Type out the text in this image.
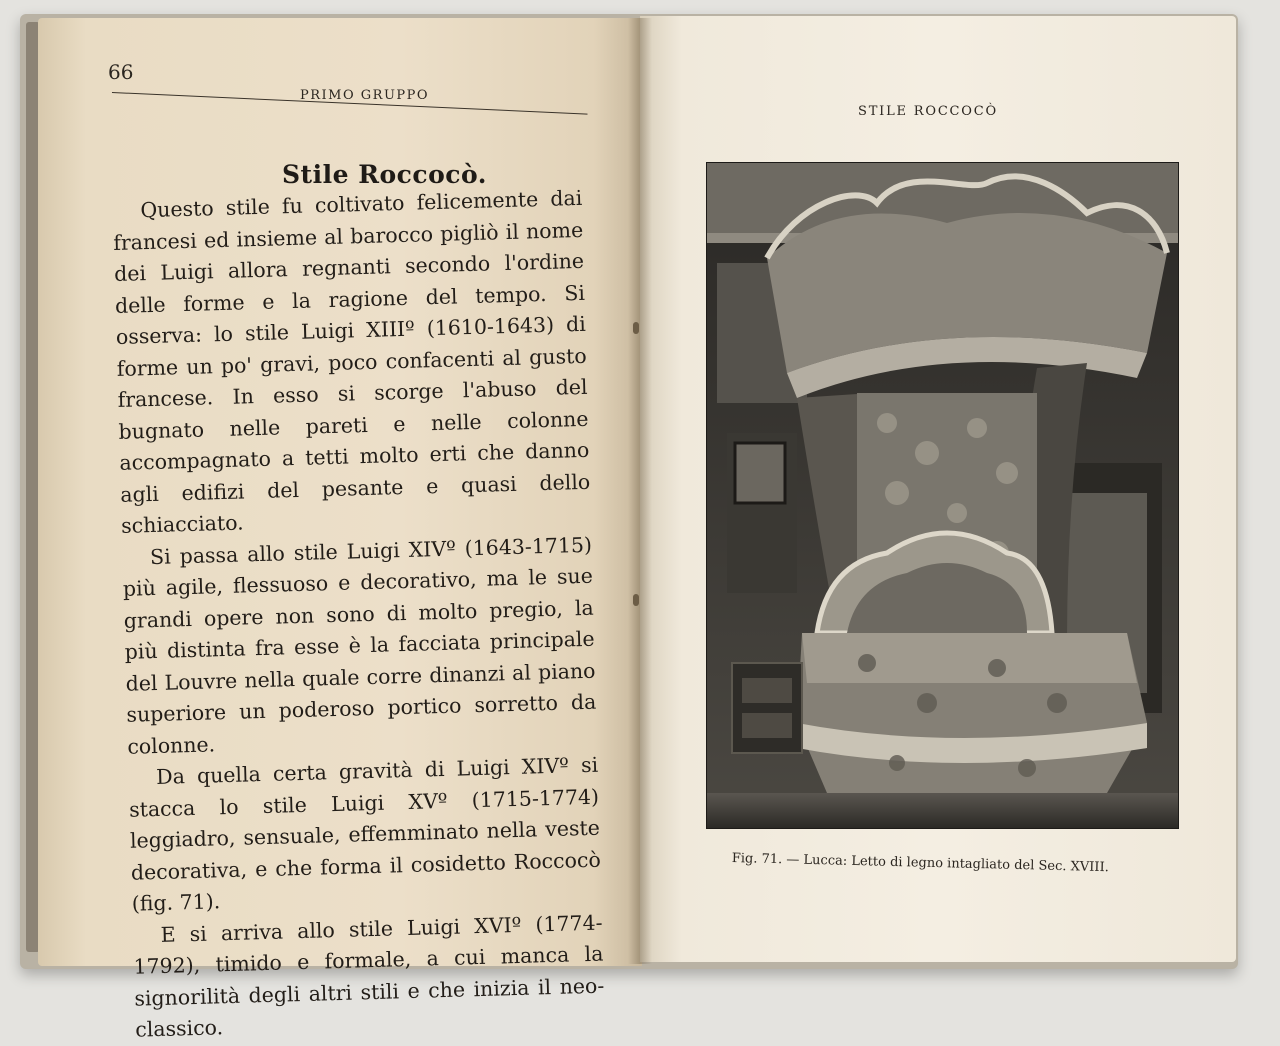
66
PRIMO GRUPPO
Stile Roccocò.

Questo stile fu coltivato felicemente dai francesi ed insieme al barocco pigliò il nome dei Luigi allora regnanti secondo l'ordine delle forme e la ragione del tempo. Si osserva: lo stile Luigi XIIIº (1610-1643) di forme un po' gravi, poco confacenti al gusto francese. In esso si scorge l'abuso del bugnato nelle pareti e nelle colonne accompagnato a tetti molto erti che danno agli edifizi del pesante e quasi dello schiacciato.

Si passa allo stile Luigi XIVº (1643-1715) più agile, flessuoso e decorativo, ma le sue grandi opere non sono di molto pregio, la più distinta fra esse è la facciata principale del Louvre nella quale corre dinanzi al piano superiore un poderoso portico sorretto da colonne.

Da quella certa gravità di Luigi XIVº si stacca lo stile Luigi XVº (1715-1774) leggiadro, sensuale, effemminato nella veste decorativa, e che forma il cosidetto Roccocò (fig. 71).

E si arriva allo stile Luigi XVIº (1774-1792), timido e formale, a cui manca la signorilità degli altri stili e che inizia il neo-classico.

STILE ROCCOCÒ
Fig. 71. — Lucca: Letto di legno intagliato del Sec. XVIII.
